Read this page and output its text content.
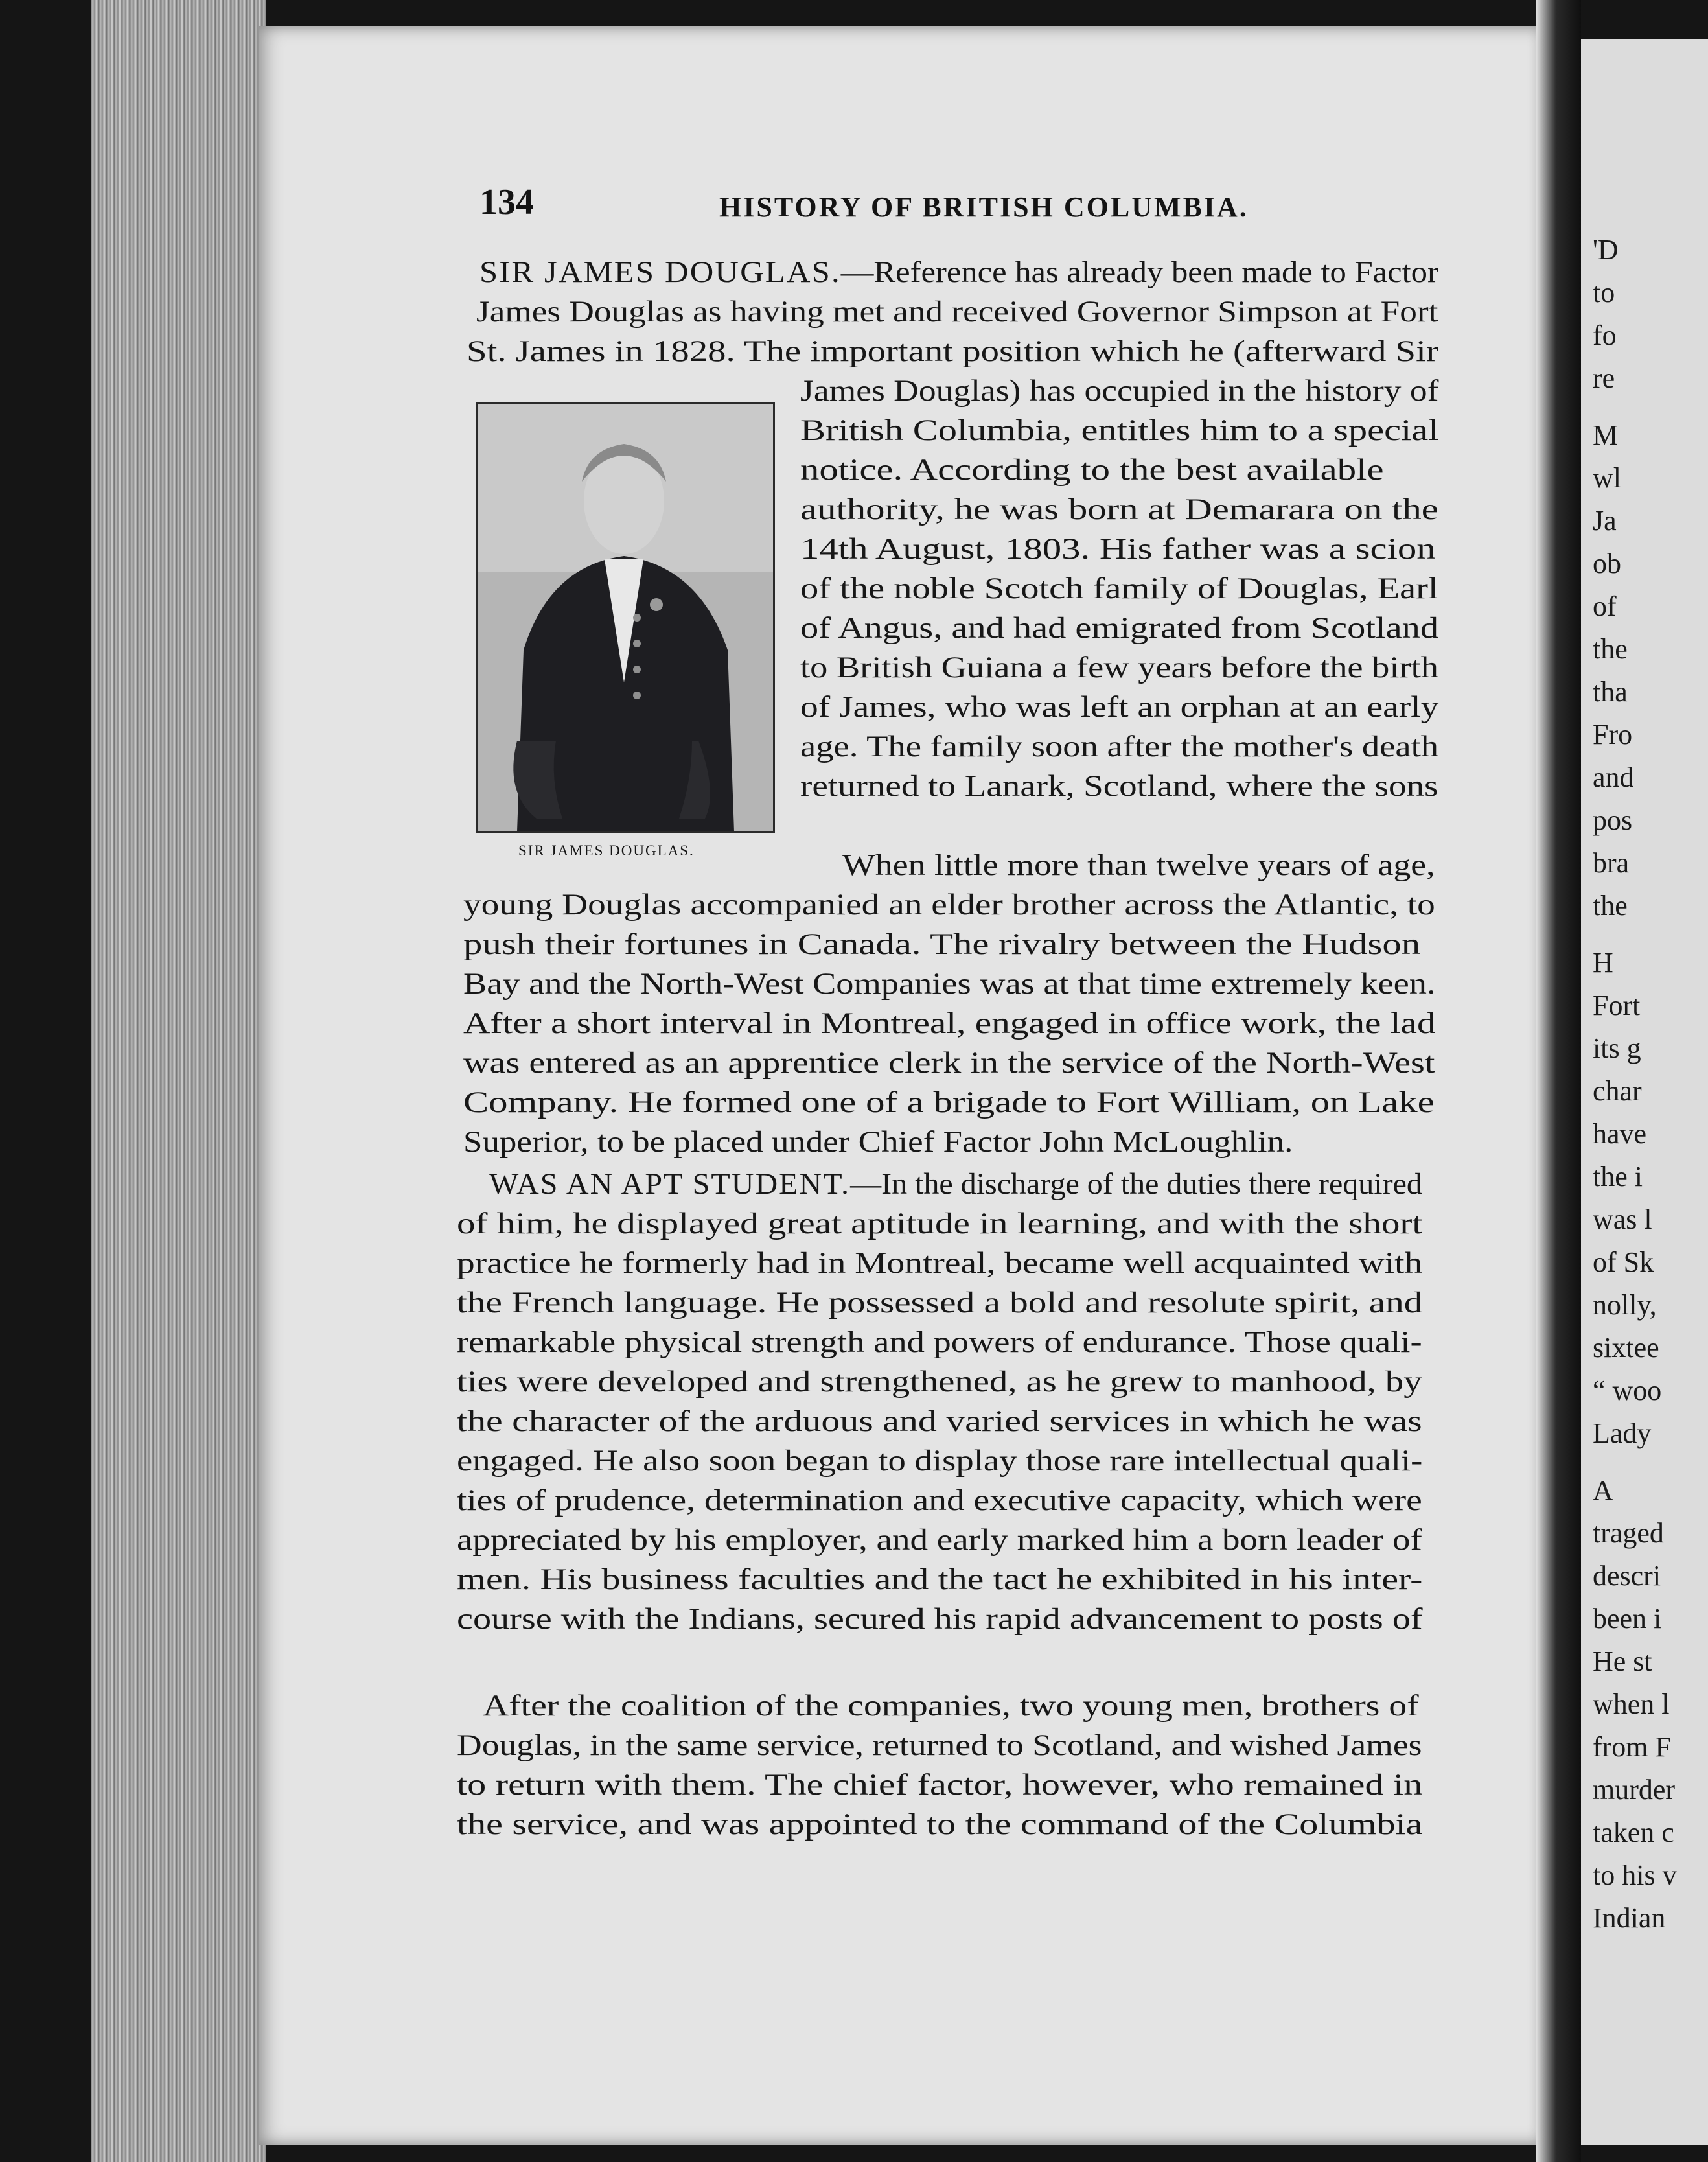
134	HISTORY OF BRITISH COLUMBIA.
SIR JAMES DOUGLAS.
SIR JAMES DOUGLAS.—Reference has already been made to Factor
James Douglas as having met and received Governor Simpson at Fort
St. James in 1828. The important position which he (afterward Sir
James Douglas) has occupied in the history of
British Columbia, entitles him to a special
notice. According to the best available
authority, he was born at Demarara on the
14th August, 1803. His father was a scion
of the noble Scotch family of Douglas, Earl
of Angus, and had emigrated from Scotland
to British Guiana a few years before the birth
of James, who was left an orphan at an early
age. The family soon after the mother's death
returned to Lanark, Scotland, where the sons
When little more than twelve years of age,
young Douglas accompanied an elder brother across the Atlantic, to
push their fortunes in Canada. The rivalry between the Hudson
Bay and the North-West Companies was at that time extremely keen.
After a short interval in Montreal, engaged in office work, the lad
was entered as an apprentice clerk in the service of the North-West
Company. He formed one of a brigade to Fort William, on Lake
Superior, to be placed under Chief Factor John McLoughlin.
WAS AN APT STUDENT.—In the discharge of the duties there required
of him, he displayed great aptitude in learning, and with the short
practice he formerly had in Montreal, became well acquainted with
the French language. He possessed a bold and resolute spirit, and
remarkable physical strength and powers of endurance. Those quali-
ties were developed and strengthened, as he grew to manhood, by
the character of the arduous and varied services in which he was
engaged. He also soon began to display those rare intellectual quali-
ties of prudence, determination and executive capacity, which were
appreciated by his employer, and early marked him a born leader of
men. His business faculties and the tact he exhibited in his inter-
course with the Indians, secured his rapid advancement to posts of
After the coalition of the companies, two young men, brothers of
Douglas, in the same service, returned to Scotland, and wished James
to return with them. The chief factor, however, who remained in
the service, and was appointed to the command of the Columbia
'D
to
fo
re
M
wl
Ja
ob
of
the
tha
Fro
and
pos
bra
the
H
Fort
its g
char
have
the i
was l
of Sk
nolly,
sixtee
“ woo
Lady
A
traged
descri
been i
He st
when l
from F
murder
taken c
to his v
Indian
